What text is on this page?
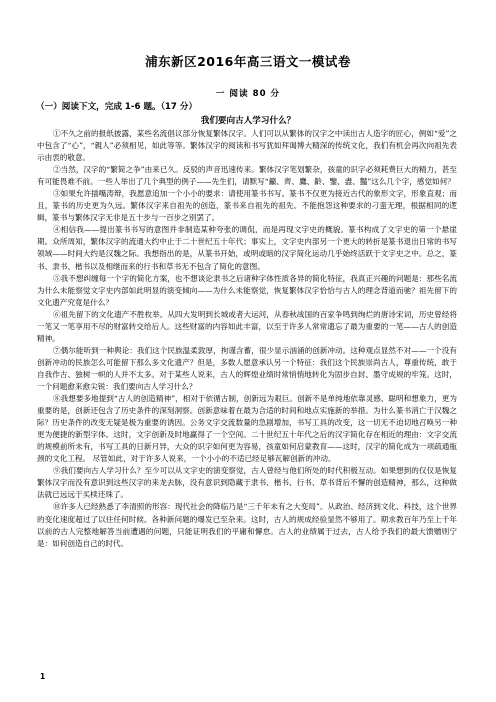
浦东新区2016年高三语文一模试卷
一 阅读 80 分
（一）阅读下文，完成 1-6 题。（17 分）
我们要向古人学习什么？

①不久之前的报纸披露，某些名流倡议部分恢复繁体汉字。人们可以从繁体的汉字之中读出古人造字的匠心，例如“爱”之中包含了“心”，“親人”必须相见，如此等等。繁体汉字的阅读和书写犹如拜谒博大精深的传统文化，我们有机会再次向祖先表示由衷的敬意。

②当然，汉字的“繁简之争”由来已久。反驳的声音迅速传来。繁体汉字笔划繁杂，孩童的识字必须耗费巨大的精力，甚至有可能畏难不前。一些人举出了几个典型的例子——先生们，请默写“籲、齊、鷹、齡、鑒、盡、豔”这么几个字，感觉如何？

③如果允许插嘴涛辩，我愿意追加一个小小的要求：请使用篆书书写。篆书不仅更为接近古代的象形文字，形象直观；而且，篆书的历史更为久远。繁体汉字来自祖先的创造，篆书来自祖先的祖先。不能抱怨这种要求的刁蛮无理，根据相同的逻辑，篆书与繁体汉字无非是五十步与一百步之别罢了。

④相信我——提出篆书书写的意图并非制造某种夸张的调侃，而是再现文字史的概貌。篆书构成了文字史的第一个悬崖期。众所周知，繁体汉字的流通大约中止于二十世纪五十年代；事实上，文字史内部另一个更大的转折是篆书退出日常的书写领域——时间大约是汉魏之际。我想指出的是，从篆书开始，或明或暗的汉字简化运动几乎始终活跃于文字史之中。总之，篆书、隶书、楷书以及相继而来的行书和草书无不包含了简化的意图。

⑤我不想纠缠每一个字的简化方案，也不想谈论隶书之后诸种字体性质各异的简化特征，我真正兴趣的问题是：那些名流为什么未能察觉文字史内部如此明显的演变倾向——为什么未能察觉，恢复繁体汉字恰恰与古人的理念背道而驰？祖先留下的文化遗产究竟是什么？

⑥祖先留下的文化遗产不胜枚举。从四大发明到长城或者大运河，从春秋战国的百家争鸣到绚烂的唐诗宋词，历史曾经将一笔又一笔享用不尽的财富转交给后人。这些财富的内容如此丰富，以至于许多人常常遗忘了最为重要的一笔——古人的创造精神。

⑦偶尔能听到一种舆论：我们这个民族温柔敦厚，拘谨含蓄，很少显示汹涌的创新冲动。这种观点显然不对——一个没有创新冲动的民族怎么可能留下那么多文化遗产？但是，多数人愿意承认另一个特征：我们这个民族崇尚古人，尊重传统，敢于自我作古、独树一帜的人并不太多。对于某些人说来，古人的辉煌业绩时常悄悄地转化为固步自封、墨守成规的牢笼。这时，一个问题愈来愈尖锐：我们要向古人学习什么？

⑧我想要多地提到“古人的创造精神”，相对于依循古制，创新远为艰巨。创新不是单纯地依靠灵感、聪明和想象力，更为重要的是，创新还包含了历史条件的深刻洞察。创新意味着在最为合适的时间和地点实施新的举措。为什么篆书消亡于汉魏之际？历史条件的改变无疑是极为重要的诱因。公务文字交流数量的急剧增加，书写工具的改变，这一切无不迫切地召唤另一种更为便捷的新型字体。这时，文字创新及时地赢得了一个空间。二十世纪五十年代之后的汉字简化存在相近的理由：文字交流的规模前所未有，书写工具的日新月异，大众的识字如何更为容易，孩童如何启蒙教育——这时，汉字的简化成为一项疏通瓶颈的文化工程。 尽管如此，对于许多人说来，一个小小的不适已经足够瓦解创新的冲动。

⑨我们要向古人学习什么？至少可以从文字史的演变察觉，古人曾经与他们所处的时代积极互动。如果想到的仅仅是恢复繁体汉字而没有意识到这些汉字的来龙去脉，没有意识到隐藏于隶书、楷书、行书、草书背后不懈的创造精神，那么，这种做法就已远远于买椟还珠了。

⑩许多人已经熟悉了李清照的形容：现代社会的降临乃是“三千年未有之大变局”。从政治、经济到文化、科技，这个世界的变化速度超过了以往任何时候。各种新问题的爆发已至杂来。这时，古人的规成经验显然不够用了。期求教百年乃至上千年以前的古人完整地解答当前遭遇的问题，只能证明我们的平庸和懈怠。古人的业绩属于过去，古人给予我们的最大馈赠则宁是：如何创造自己的时代。

1
